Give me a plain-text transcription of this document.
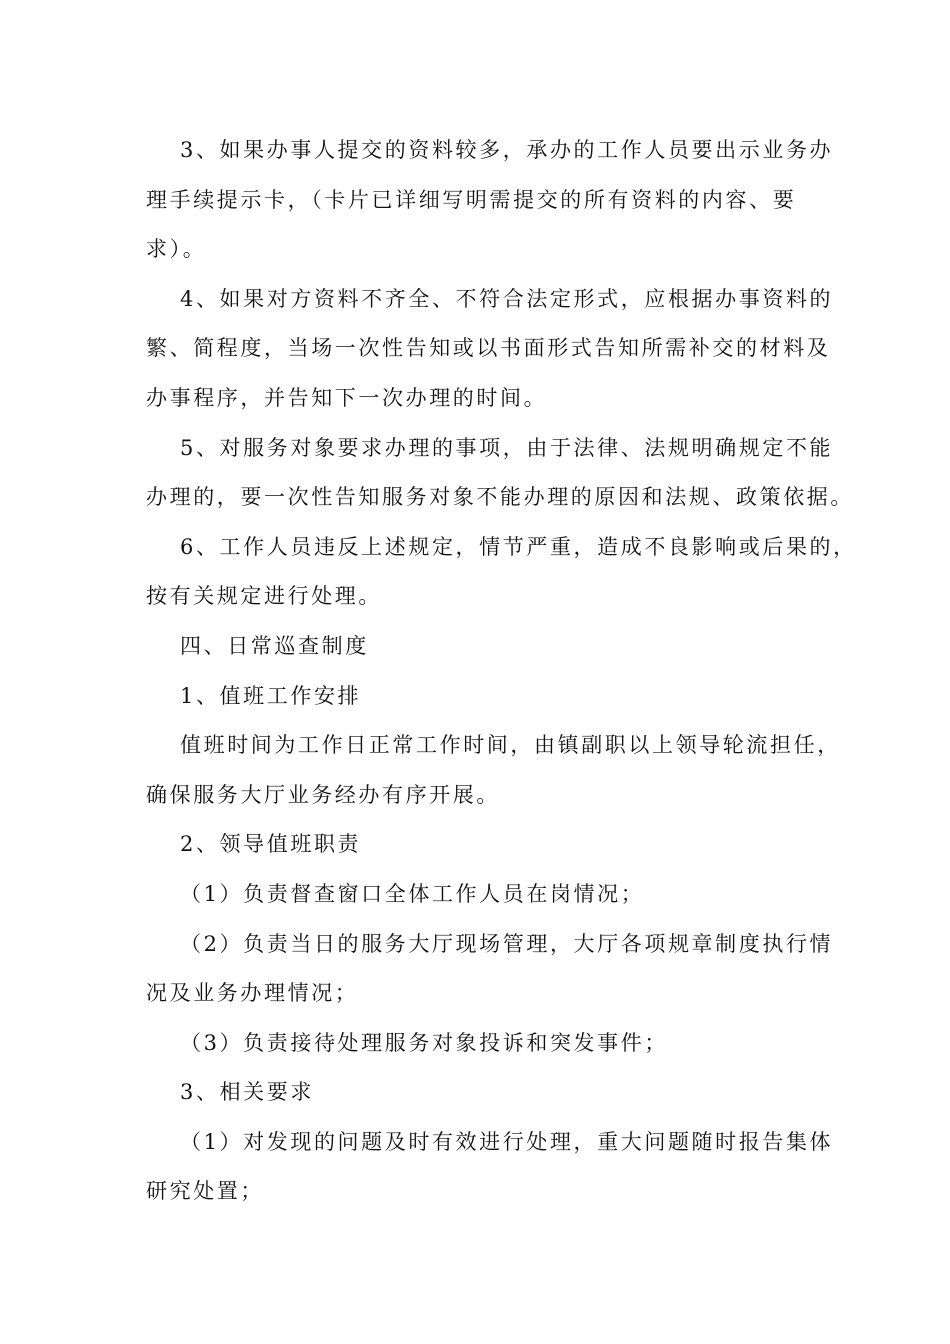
3、如果办事人提交的资料较多，承办的工作人员要出示业务办
理手续提示卡，（卡片已详细写明需提交的所有资料的内容、要
求）。

4、如果对方资料不齐全、不符合法定形式，应根据办事资料的
繁、简程度，当场一次性告知或以书面形式告知所需补交的材料及
办事程序，并告知下一次办理的时间。

5、对服务对象要求办理的事项，由于法律、法规明确规定不能
办理的，要一次性告知服务对象不能办理的原因和法规、政策依据。

6、工作人员违反上述规定，情节严重，造成不良影响或后果的，
按有关规定进行处理。

四、日常巡查制度

1、值班工作安排

值班时间为工作日正常工作时间，由镇副职以上领导轮流担任，
确保服务大厅业务经办有序开展。

2、领导值班职责

（1）负责督查窗口全体工作人员在岗情况；

（2）负责当日的服务大厅现场管理，大厅各项规章制度执行情
况及业务办理情况；

（3）负责接待处理服务对象投诉和突发事件；

3、相关要求

（1）对发现的问题及时有效进行处理，重大问题随时报告集体
研究处置；
